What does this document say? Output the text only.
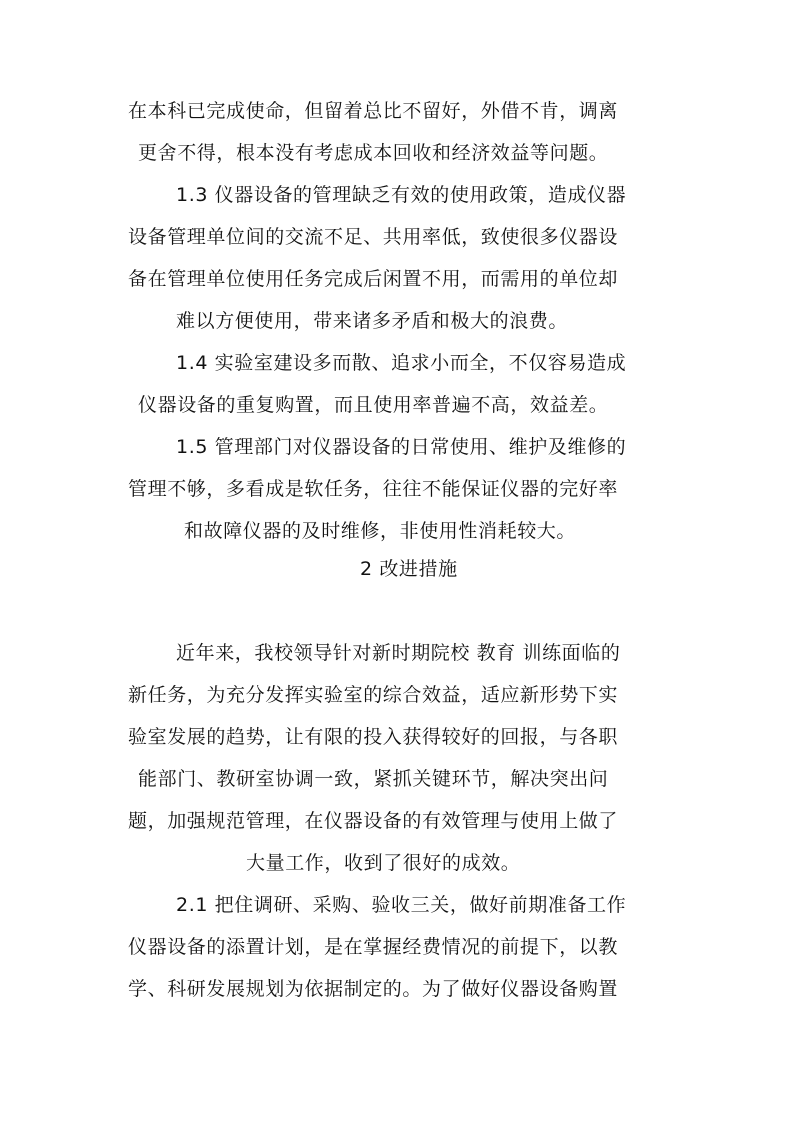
在本科已完成使命，但留着总比不留好，外借不肯，调离
更舍不得，根本没有考虑成本回收和经济效益等问题。
1.3 仪器设备的管理缺乏有效的使用政策，造成仪器
设备管理单位间的交流不足、共用率低，致使很多仪器设
备在管理单位使用任务完成后闲置不用，而需用的单位却
难以方便使用，带来诸多矛盾和极大的浪费。
1.4 实验室建设多而散、追求小而全，不仅容易造成
仪器设备的重复购置，而且使用率普遍不高，效益差。
1.5 管理部门对仪器设备的日常使用、维护及维修的
管理不够，多看成是软任务，往往不能保证仪器的完好率
和故障仪器的及时维修，非使用性消耗较大。
2 改进措施
近年来，我校领导针对新时期院校 教育 训练面临的
新任务，为充分发挥实验室的综合效益，适应新形势下实
验室发展的趋势，让有限的投入获得较好的回报，与各职
能部门、教研室协调一致，紧抓关键环节，解决突出问
题，加强规范管理，在仪器设备的有效管理与使用上做了
大量工作，收到了很好的成效。
2.1 把住调研、采购、验收三关，做好前期准备工作
仪器设备的添置计划，是在掌握经费情况的前提下，以教
学、科研发展规划为依据制定的。为了做好仪器设备购置
